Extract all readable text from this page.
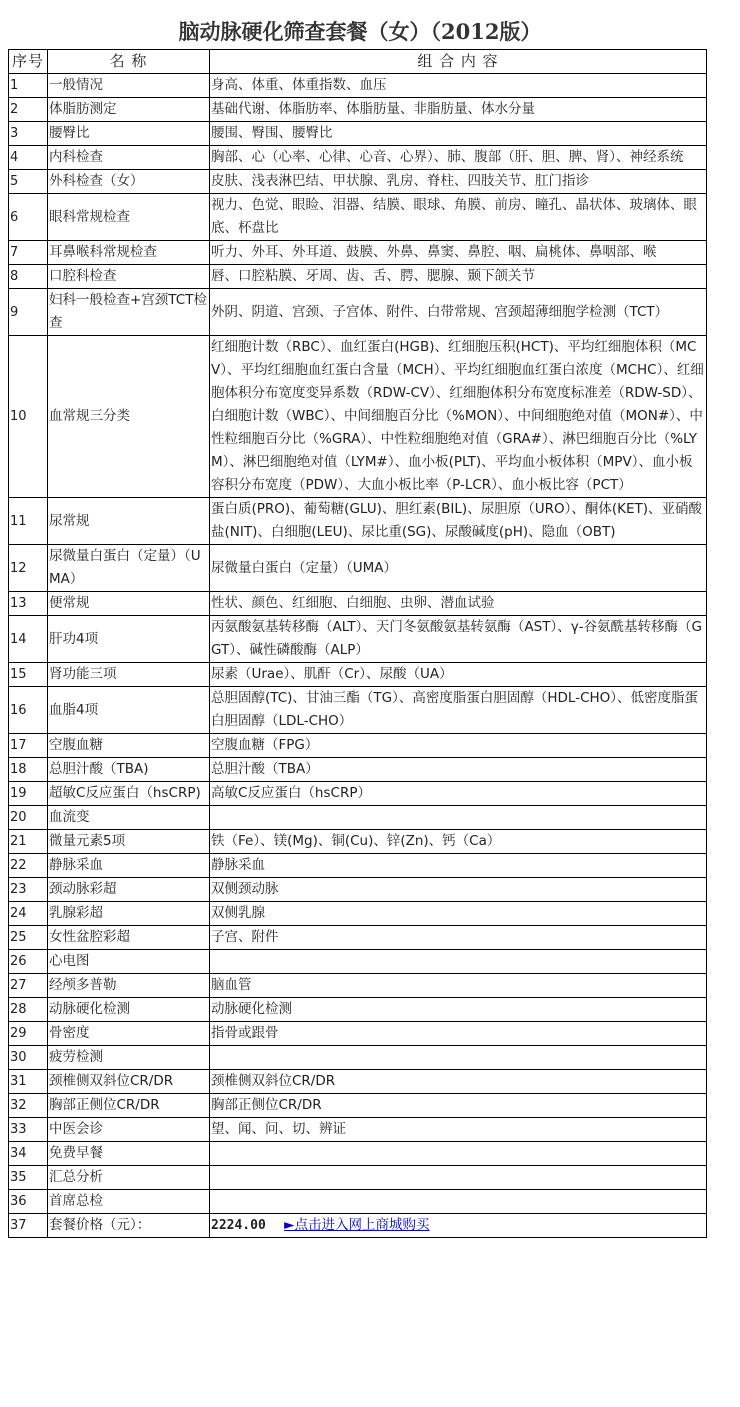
脑动脉硬化筛查套餐（女）（2012版）
序号	名 称	组 合 内 容
1	一般情况	身高、体重、体重指数、血压
2	体脂肪测定	基础代谢、体脂肪率、体脂肪量、非脂肪量、体水分量
3	腰臀比	腰围、臀围、腰臀比
4	内科检查	胸部、心（心率、心律、心音、心界）、肺、腹部（肝、胆、脾、肾）、神经系统
5	外科检查（女）	皮肤、浅表淋巴结、甲状腺、乳房、脊柱、四肢关节、肛门指诊
6	眼科常规检查	视力、色觉、眼睑、泪器、结膜、眼球、角膜、前房、瞳孔、晶状体、玻璃体、眼底、杯盘比
7	耳鼻喉科常规检查	听力、外耳、外耳道、鼓膜、外鼻、鼻窦、鼻腔、咽、扁桃体、鼻咽部、喉
8	口腔科检查	唇、口腔粘膜、牙周、齿、舌、腭、腮腺、颞下颌关节
9	妇科一般检查+宫颈TCT检查	外阴、阴道、宫颈、子宫体、附件、白带常规、宫颈超薄细胞学检测（TCT）
10	血常规三分类	红细胞计数（RBC）、血红蛋白(HGB)、红细胞压积(HCT)、平均红细胞体积（MCV）、平均红细胞血红蛋白含量（MCH）、平均红细胞血红蛋白浓度（MCHC）、红细胞体积分布宽度变异系数（RDW-CV）、红细胞体积分布宽度标准差（RDW-SD）、白细胞计数（WBC）、中间细胞百分比（%MON）、中间细胞绝对值（MON#）、中性粒细胞百分比（%GRA）、中性粒细胞绝对值（GRA#）、淋巴细胞百分比（%LYM）、淋巴细胞绝对值（LYM#）、血小板(PLT)、平均血小板体积（MPV）、血小板容积分布宽度（PDW）、大血小板比率（P-LCR）、血小板比容（PCT）
11	尿常规	蛋白质(PRO)、葡萄糖(GLU)、胆红素(BIL)、尿胆原（URO）、酮体(KET)、亚硝酸盐(NIT)、白细胞(LEU)、尿比重(SG)、尿酸碱度(pH)、隐血（OBT)
12	尿微量白蛋白（定量）（UMA）	尿微量白蛋白（定量）（UMA）
13	便常规	性状、颜色、红细胞、白细胞、虫卵、潜血试验
14	肝功4项	丙氨酸氨基转移酶（ALT）、天门冬氨酸氨基转氨酶（AST）、γ-谷氨酰基转移酶（GGT）、碱性磷酸酶（ALP）
15	肾功能三项	尿素（Urae）、肌酐（Cr）、尿酸（UA）
16	血脂4项	总胆固醇(TC)、甘油三酯（TG）、高密度脂蛋白胆固醇（HDL-CHO）、低密度脂蛋白胆固醇（LDL-CHO）
17	空腹血糖	空腹血糖（FPG）
18	总胆汁酸（TBA)	总胆汁酸（TBA）
19	超敏C反应蛋白（hsCRP)	高敏C反应蛋白（hsCRP）
20	血流变	
21	微量元素5项	铁（Fe）、镁(Mg)、铜(Cu)、锌(Zn)、钙（Ca）
22	静脉采血	静脉采血
23	颈动脉彩超	双侧颈动脉
24	乳腺彩超	双侧乳腺
25	女性盆腔彩超	子宫、附件
26	心电图	
27	经颅多普勒	脑血管
28	动脉硬化检测	动脉硬化检测
29	骨密度	指骨或跟骨
30	疲劳检测	
31	颈椎侧双斜位CR/DR	颈椎侧双斜位CR/DR
32	胸部正侧位CR/DR	胸部正侧位CR/DR
33	中医会诊	望、闻、问、切、辨证
34	免费早餐	
35	汇总分析	
36	首席总检	
37	套餐价格（元）：	2224.00 ►点击进入网上商城购买
